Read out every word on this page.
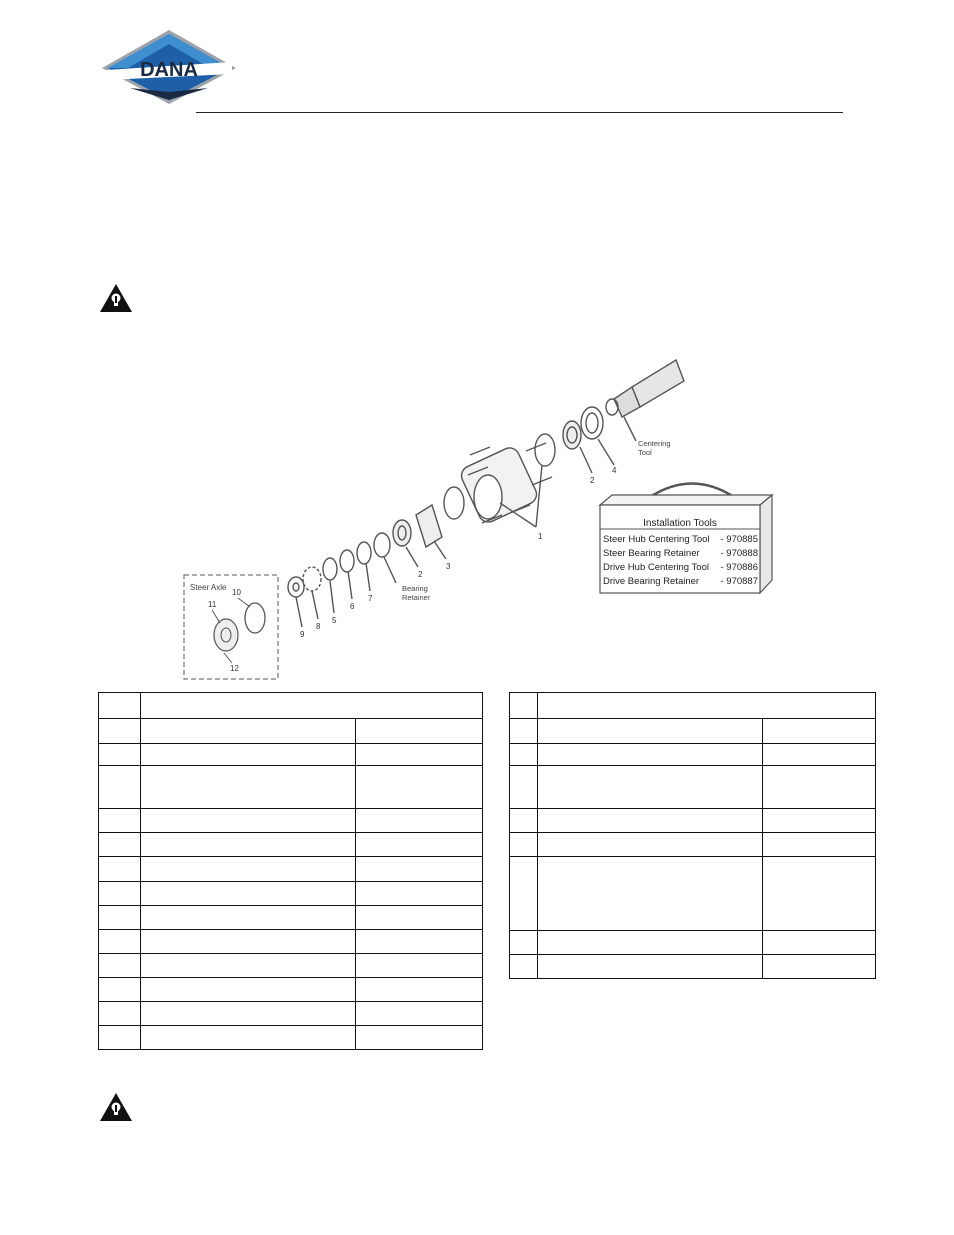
DANA
1 1
2
2
3
4
5 5
6
7
8
9
10
11
12
Centering
Tool
Bearing
Retainer
Steer Axle
Installation Tools
Steer Hub Centering Tool - 970885
Steer Bearing Retainer - 970888
Drive Hub Centering Tool - 970886
Drive Bearing Retainer - 970887
